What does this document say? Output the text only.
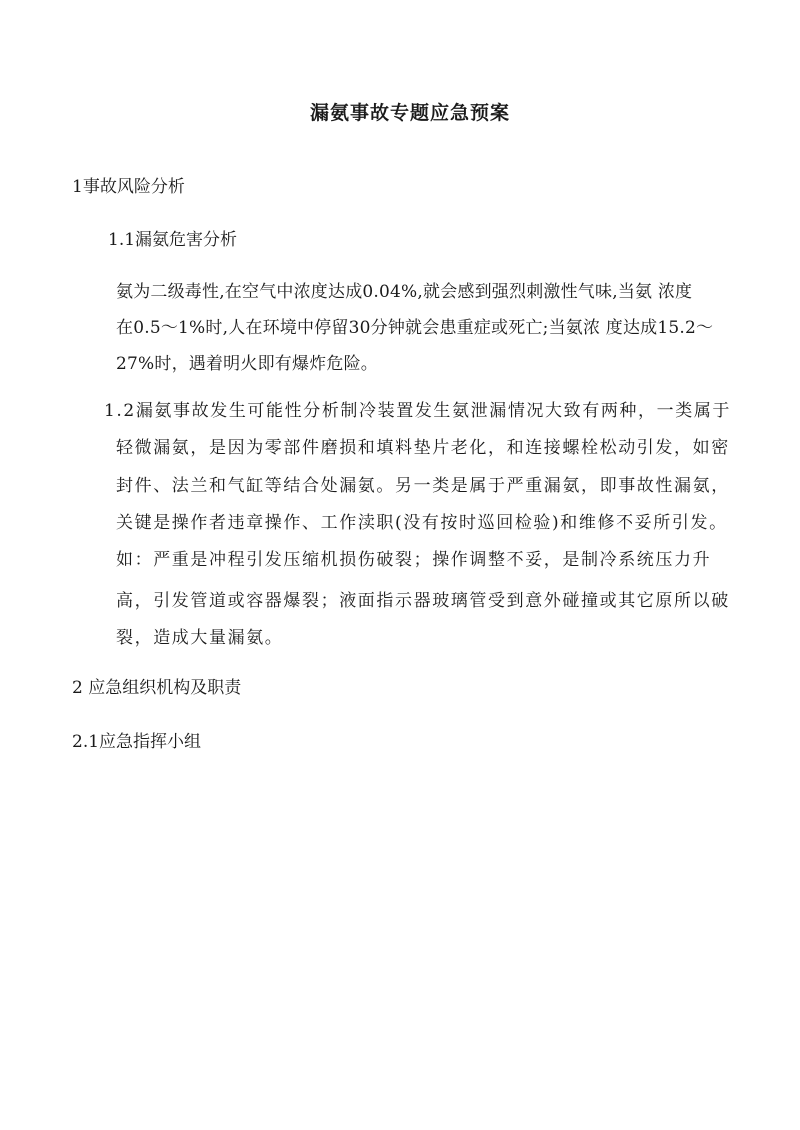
漏氨事故专题应急预案
1事故风险分析
1.1漏氨危害分析
氨为二级毒性,在空气中浓度达成0.04%,就会感到强烈刺激性气味,当氨 浓度
在0.5～1%时,人在环境中停留30分钟就会患重症或死亡;当氨浓 度达成15.2～
27%时，遇着明火即有爆炸危险。
1.2漏氨事故发生可能性分析制冷装置发生氨泄漏情况大致有两种，一类属于
轻微漏氨，是因为零部件磨损和填料垫片老化，和连接螺栓松动引发，如密
封件、法兰和气缸等结合处漏氨。另一类是属于严重漏氨，即事故性漏氨，
关键是操作者违章操作、工作渎职(没有按时巡回检验)和维修不妥所引发。
如：严重是冲程引发压缩机损伤破裂；操作调整不妥，是制冷系统压力升
高，引发管道或容器爆裂；液面指示器玻璃管受到意外碰撞或其它原所以破
裂，造成大量漏氨。
2 应急组织机构及职责
2.1应急指挥小组
